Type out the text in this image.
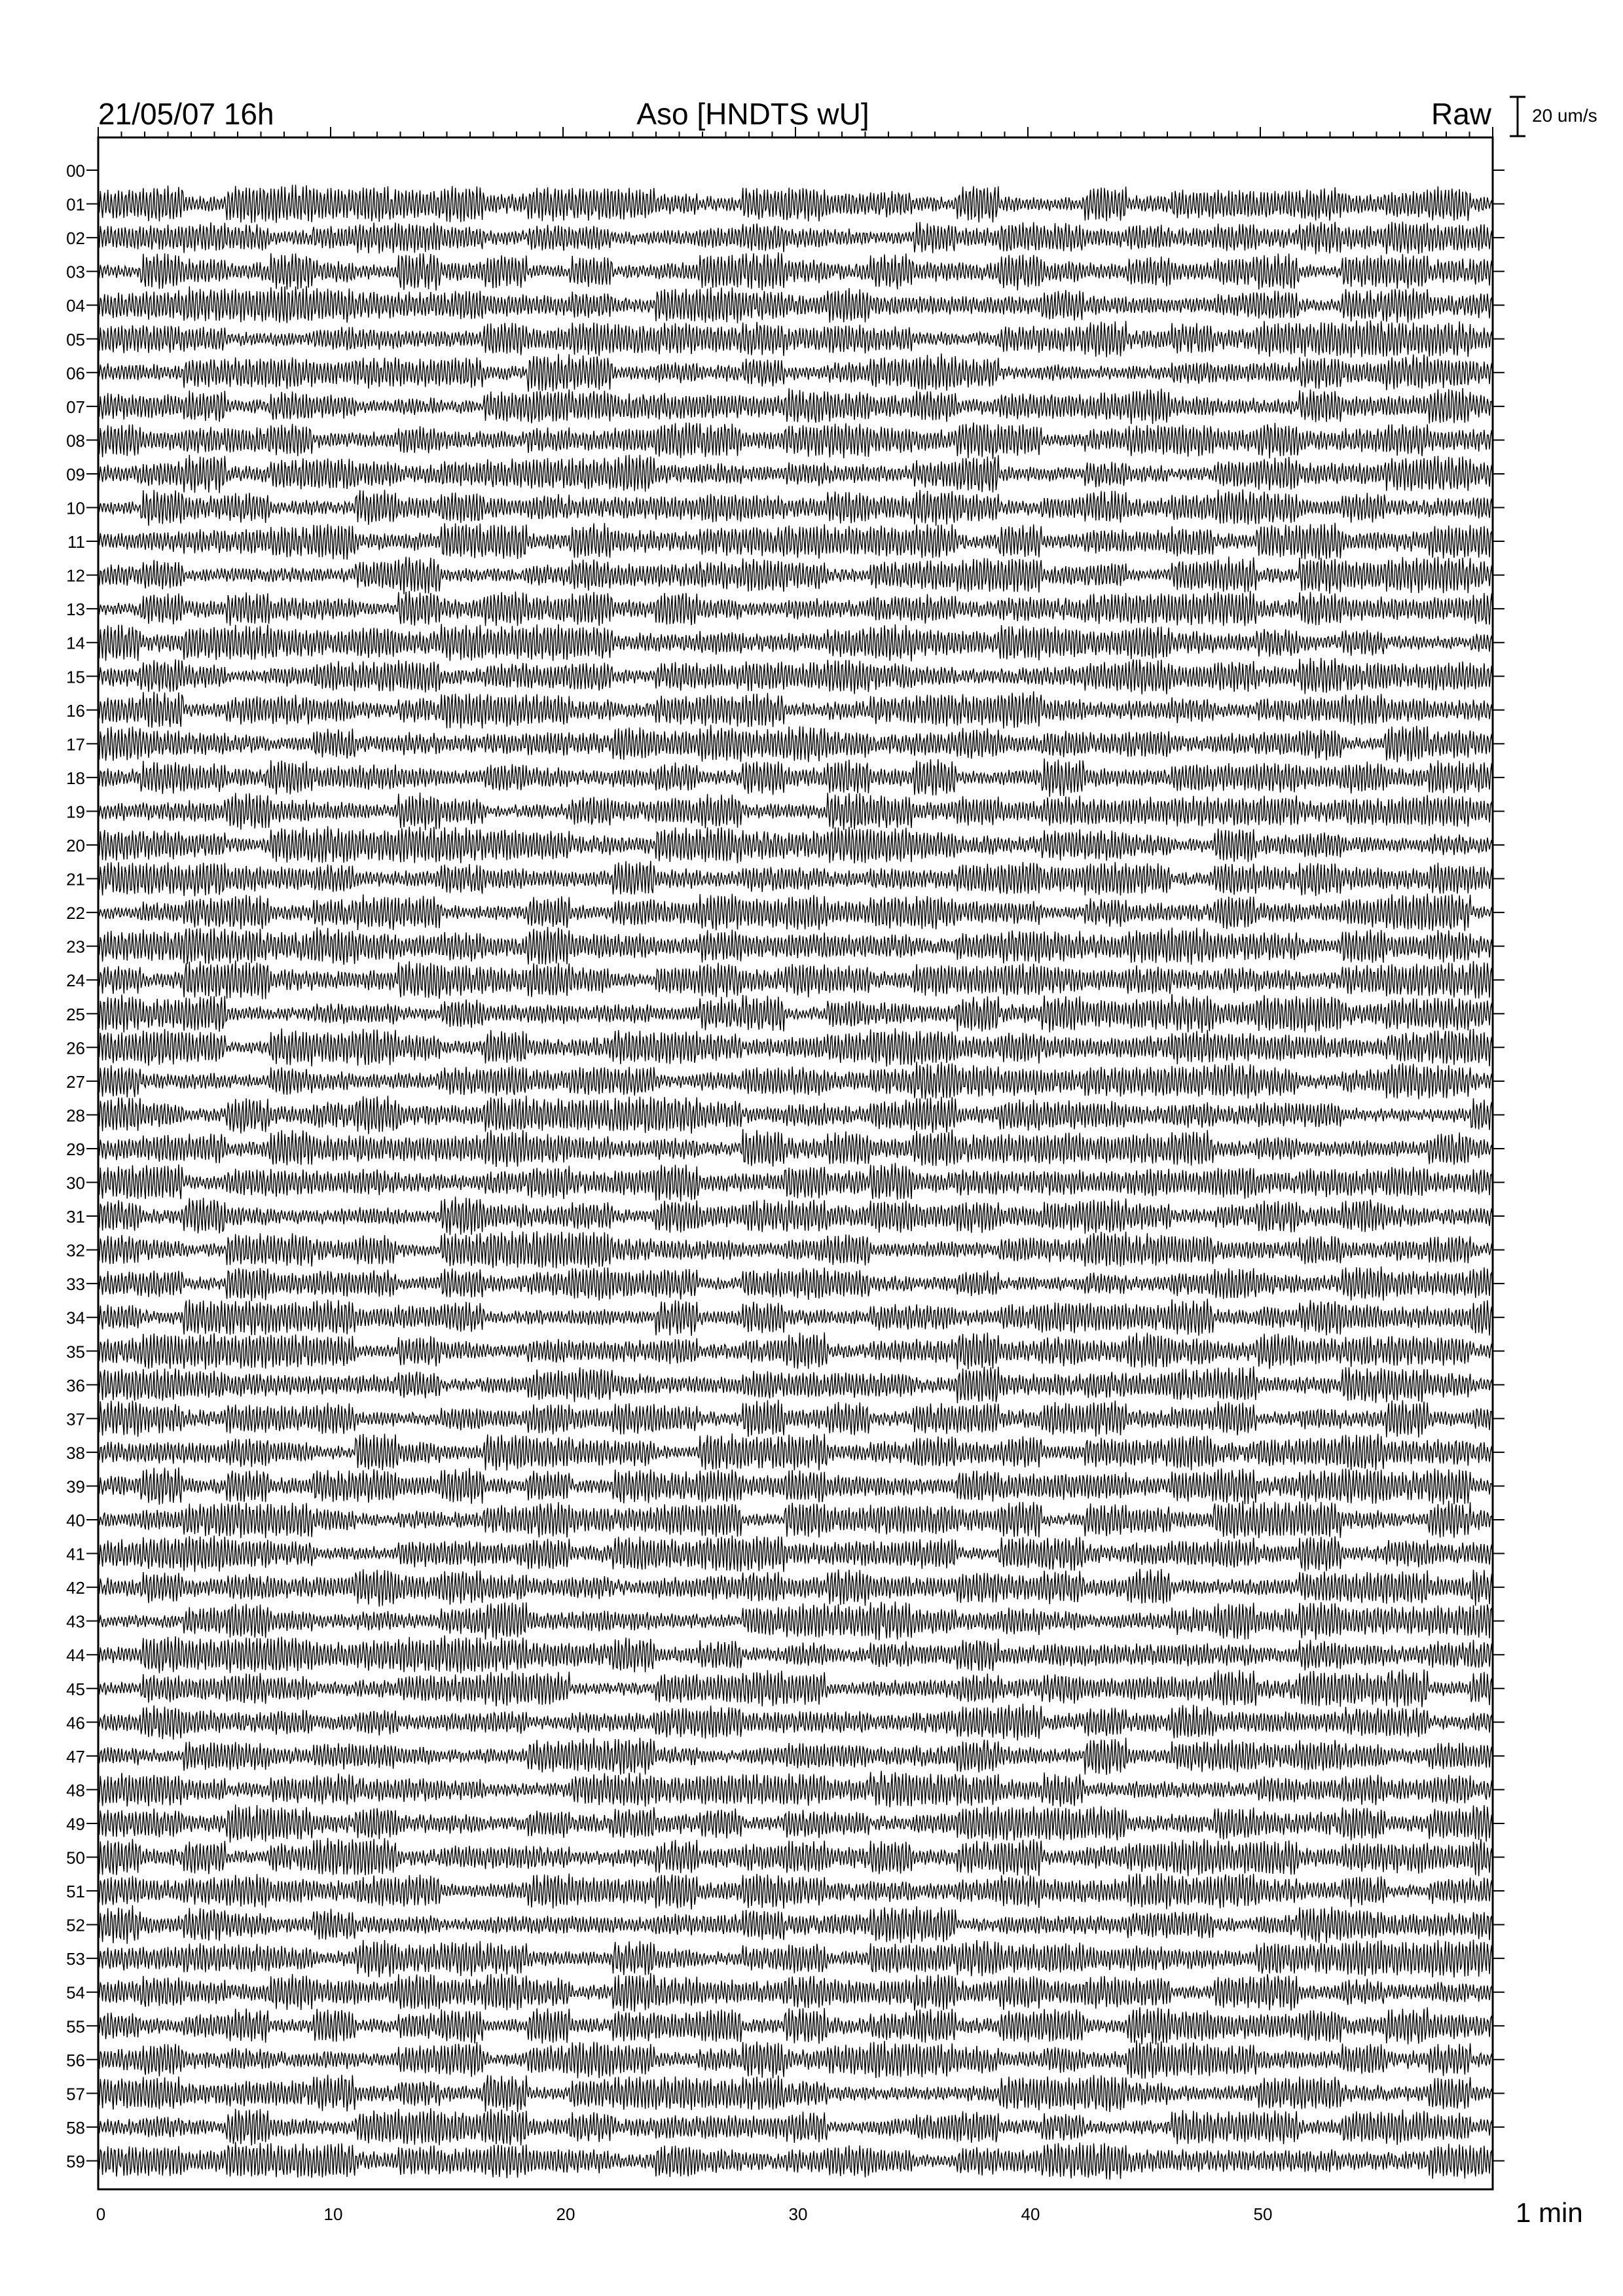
21/05/07 16h	Aso [HNDTS wU]	Raw 20 um/s
00
01
02
03
04
05
06
07
08
09
10
11
12
13
14
15
16
17
18
19
20
21
22
23
24
25
26
27
28
29
30
31
32
33
34
35
36
37
38
39
40
41
42
43
44
45
46
47
48
49
50
51
52
53
54
55
56
57
58
59
0	10	20	30	40	50	1 min
